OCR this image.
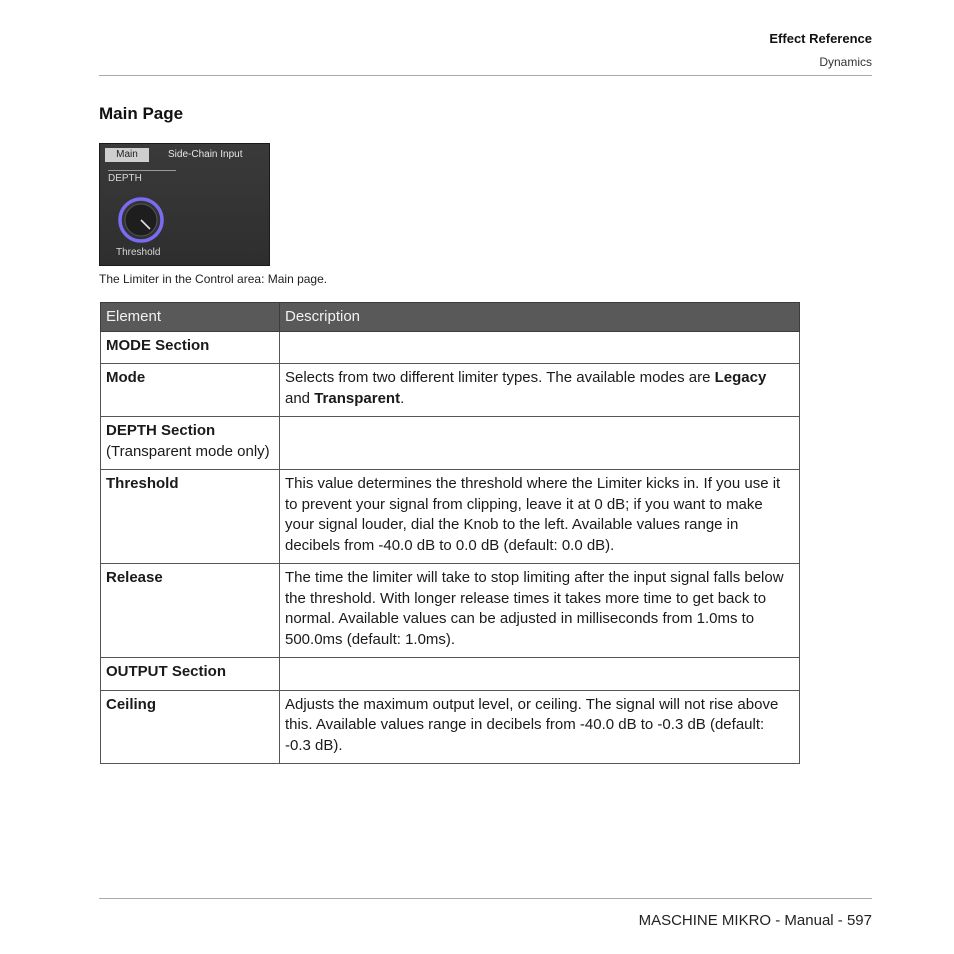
Effect Reference
Dynamics
Main Page
Main	Side-Chain Input
DEPTH
Threshold
The Limiter in the Control area: Main page.
Element	Description
MODE Section	
Mode	Selects from two different limiter types. The available modes are Legacy and Transparent.
DEPTH Section
(Transparent mode only)	
Threshold	This value determines the threshold where the Limiter kicks in. If you use it to prevent your signal from clipping, leave it at 0 dB; if you want to make your signal louder, dial the Knob to the left. Available values range in decibels from -40.0 dB to 0.0 dB (default: 0.0 dB).
Release	The time the limiter will take to stop limiting after the input signal falls below the threshold. With longer release times it takes more time to get back to normal. Available values can be adjusted in milliseconds from 1.0ms to 500.0ms (default: 1.0ms).
OUTPUT Section	
Ceiling	Adjusts the maximum output level, or ceiling. The signal will not rise above this. Available values range in decibels from -40.0 dB to -0.3 dB (default: -0.3 dB).
MASCHINE MIKRO - Manual - 597
